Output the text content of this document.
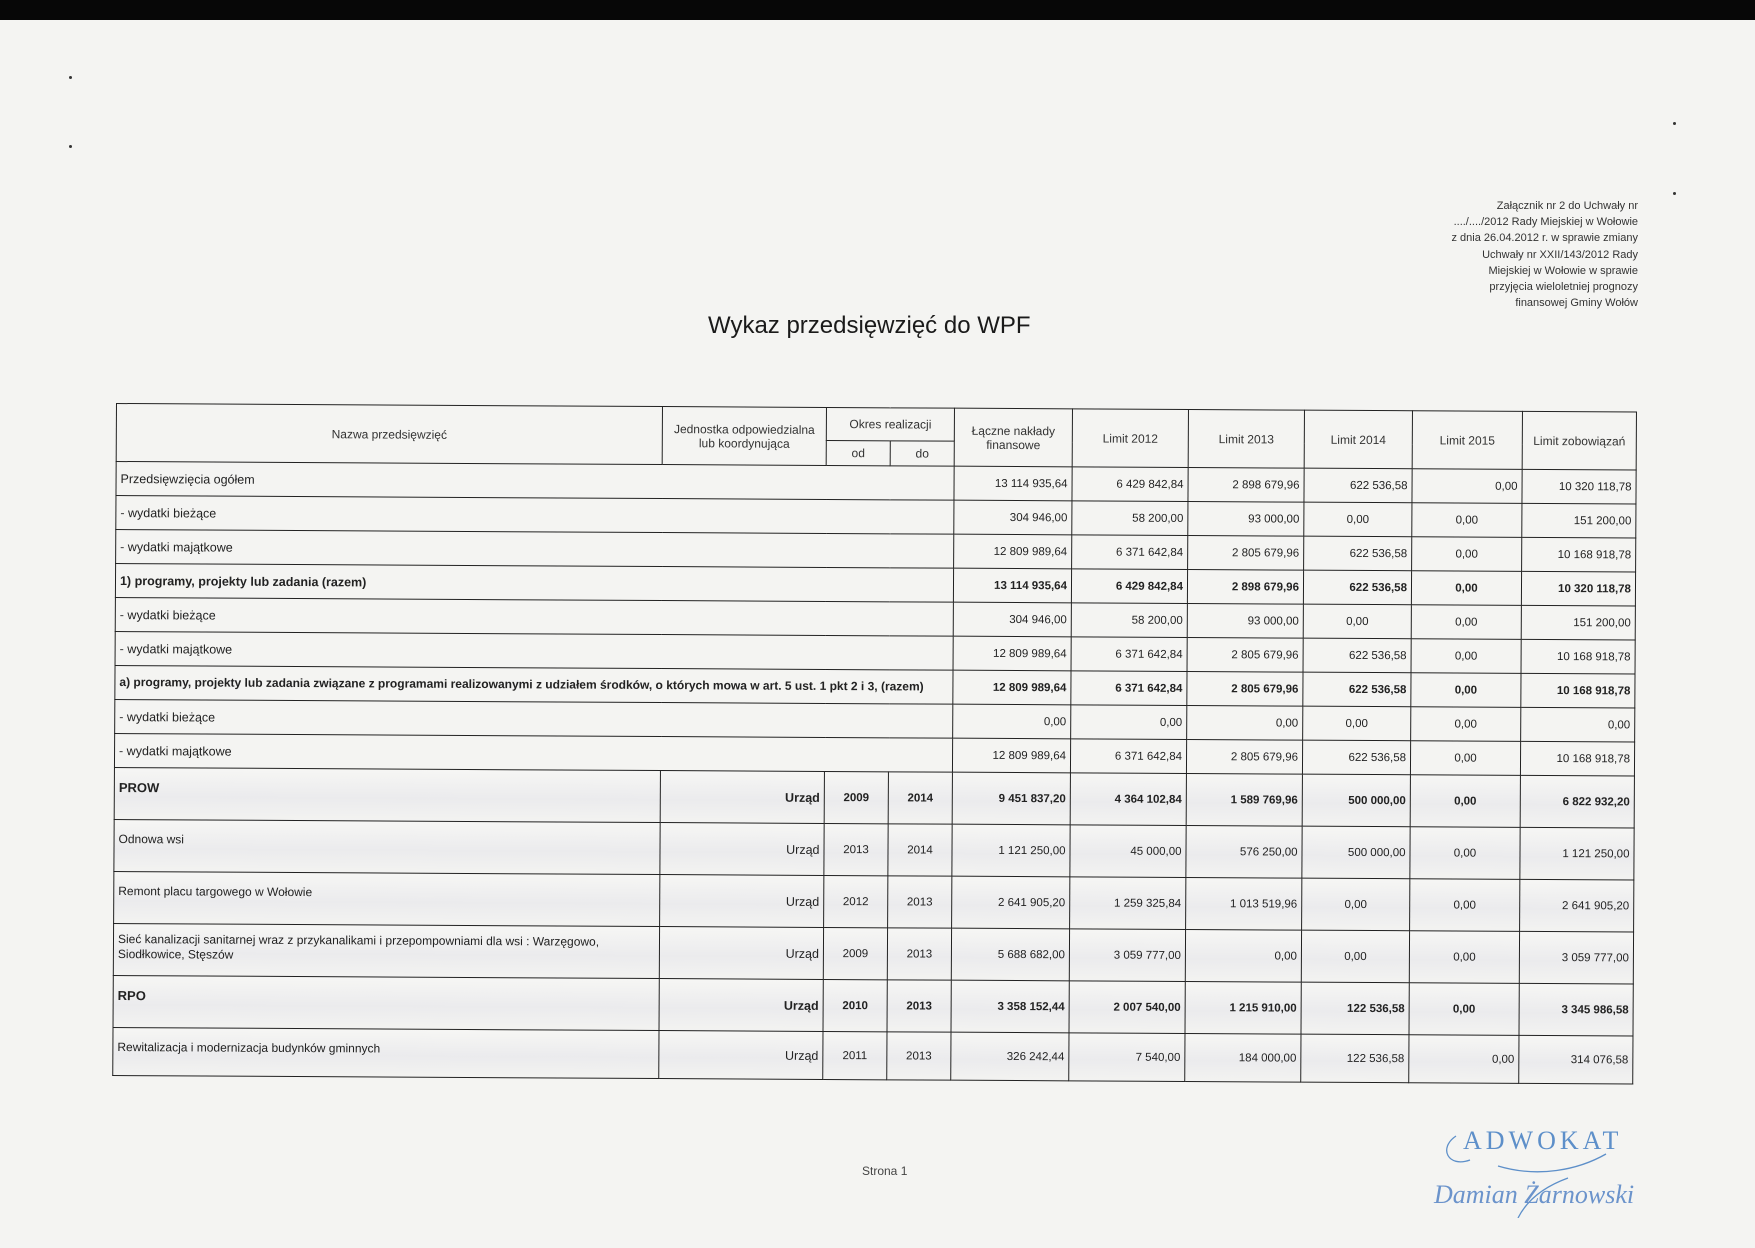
Załącznik nr 2 do Uchwały nr
..../..../2012 Rady Miejskiej w Wołowie
z dnia 26.04.2012 r. w sprawie zmiany
Uchwały nr XXII/143/2012 Rady
Miejskiej w Wołowie w sprawie
przyjęcia wieloletniej prognozy
finansowej Gminy Wołów
Wykaz przedsięwzięć do WPF
Nazwa przedsięwzięć	Jednostka odpowiedzialna lub koordynująca	Okres realizacji		Łączne nakłady finansowe	Limit 2012	Limit 2013	Limit 2014	Limit 2015	Limit zobowiązań
		od	do						
Przedsięwzięcia ogółem				13 114 935,64	6 429 842,84	2 898 679,96	622 536,58	0,00	10 320 118,78
- wydatki bieżące				304 946,00	58 200,00	93 000,00	0,00	0,00	151 200,00
- wydatki majątkowe				12 809 989,64	6 371 642,84	2 805 679,96	622 536,58	0,00	10 168 918,78
1) programy, projekty lub zadania (razem)				13 114 935,64	6 429 842,84	2 898 679,96	622 536,58	0,00	10 320 118,78
- wydatki bieżące				304 946,00	58 200,00	93 000,00	0,00	0,00	151 200,00
- wydatki majątkowe				12 809 989,64	6 371 642,84	2 805 679,96	622 536,58	0,00	10 168 918,78
a) programy, projekty lub zadania związane z programami realizowanymi z udziałem środków, o których mowa w art. 5 ust. 1 pkt 2 i 3, (razem)				12 809 989,64	6 371 642,84	2 805 679,96	622 536,58	0,00	10 168 918,78
- wydatki bieżące				0,00	0,00	0,00	0,00	0,00	0,00
- wydatki majątkowe				12 809 989,64	6 371 642,84	2 805 679,96	622 536,58	0,00	10 168 918,78
PROW	Urząd	2009	2014	9 451 837,20	4 364 102,84	1 589 769,96	500 000,00	0,00	6 822 932,20
Odnowa wsi	Urząd	2013	2014	1 121 250,00	45 000,00	576 250,00	500 000,00	0,00	1 121 250,00
Remont placu targowego w Wołowie	Urząd	2012	2013	2 641 905,20	1 259 325,84	1 013 519,96	0,00	0,00	2 641 905,20
Sieć kanalizacji sanitarnej wraz z przykanalikami i przepompowniami dla wsi : Warzęgowo, Siodłkowice, Stęszów	Urząd	2009	2013	5 688 682,00	3 059 777,00	0,00	0,00	0,00	3 059 777,00
RPO	Urząd	2010	2013	3 358 152,44	2 007 540,00	1 215 910,00	122 536,58	0,00	3 345 986,58
Rewitalizacja i modernizacja budynków gminnych	Urząd	2011	2013	326 242,44	7 540,00	184 000,00	122 536,58	0,00	314 076,58
Strona 1
ADWOKAT
Damian Żarnowski
